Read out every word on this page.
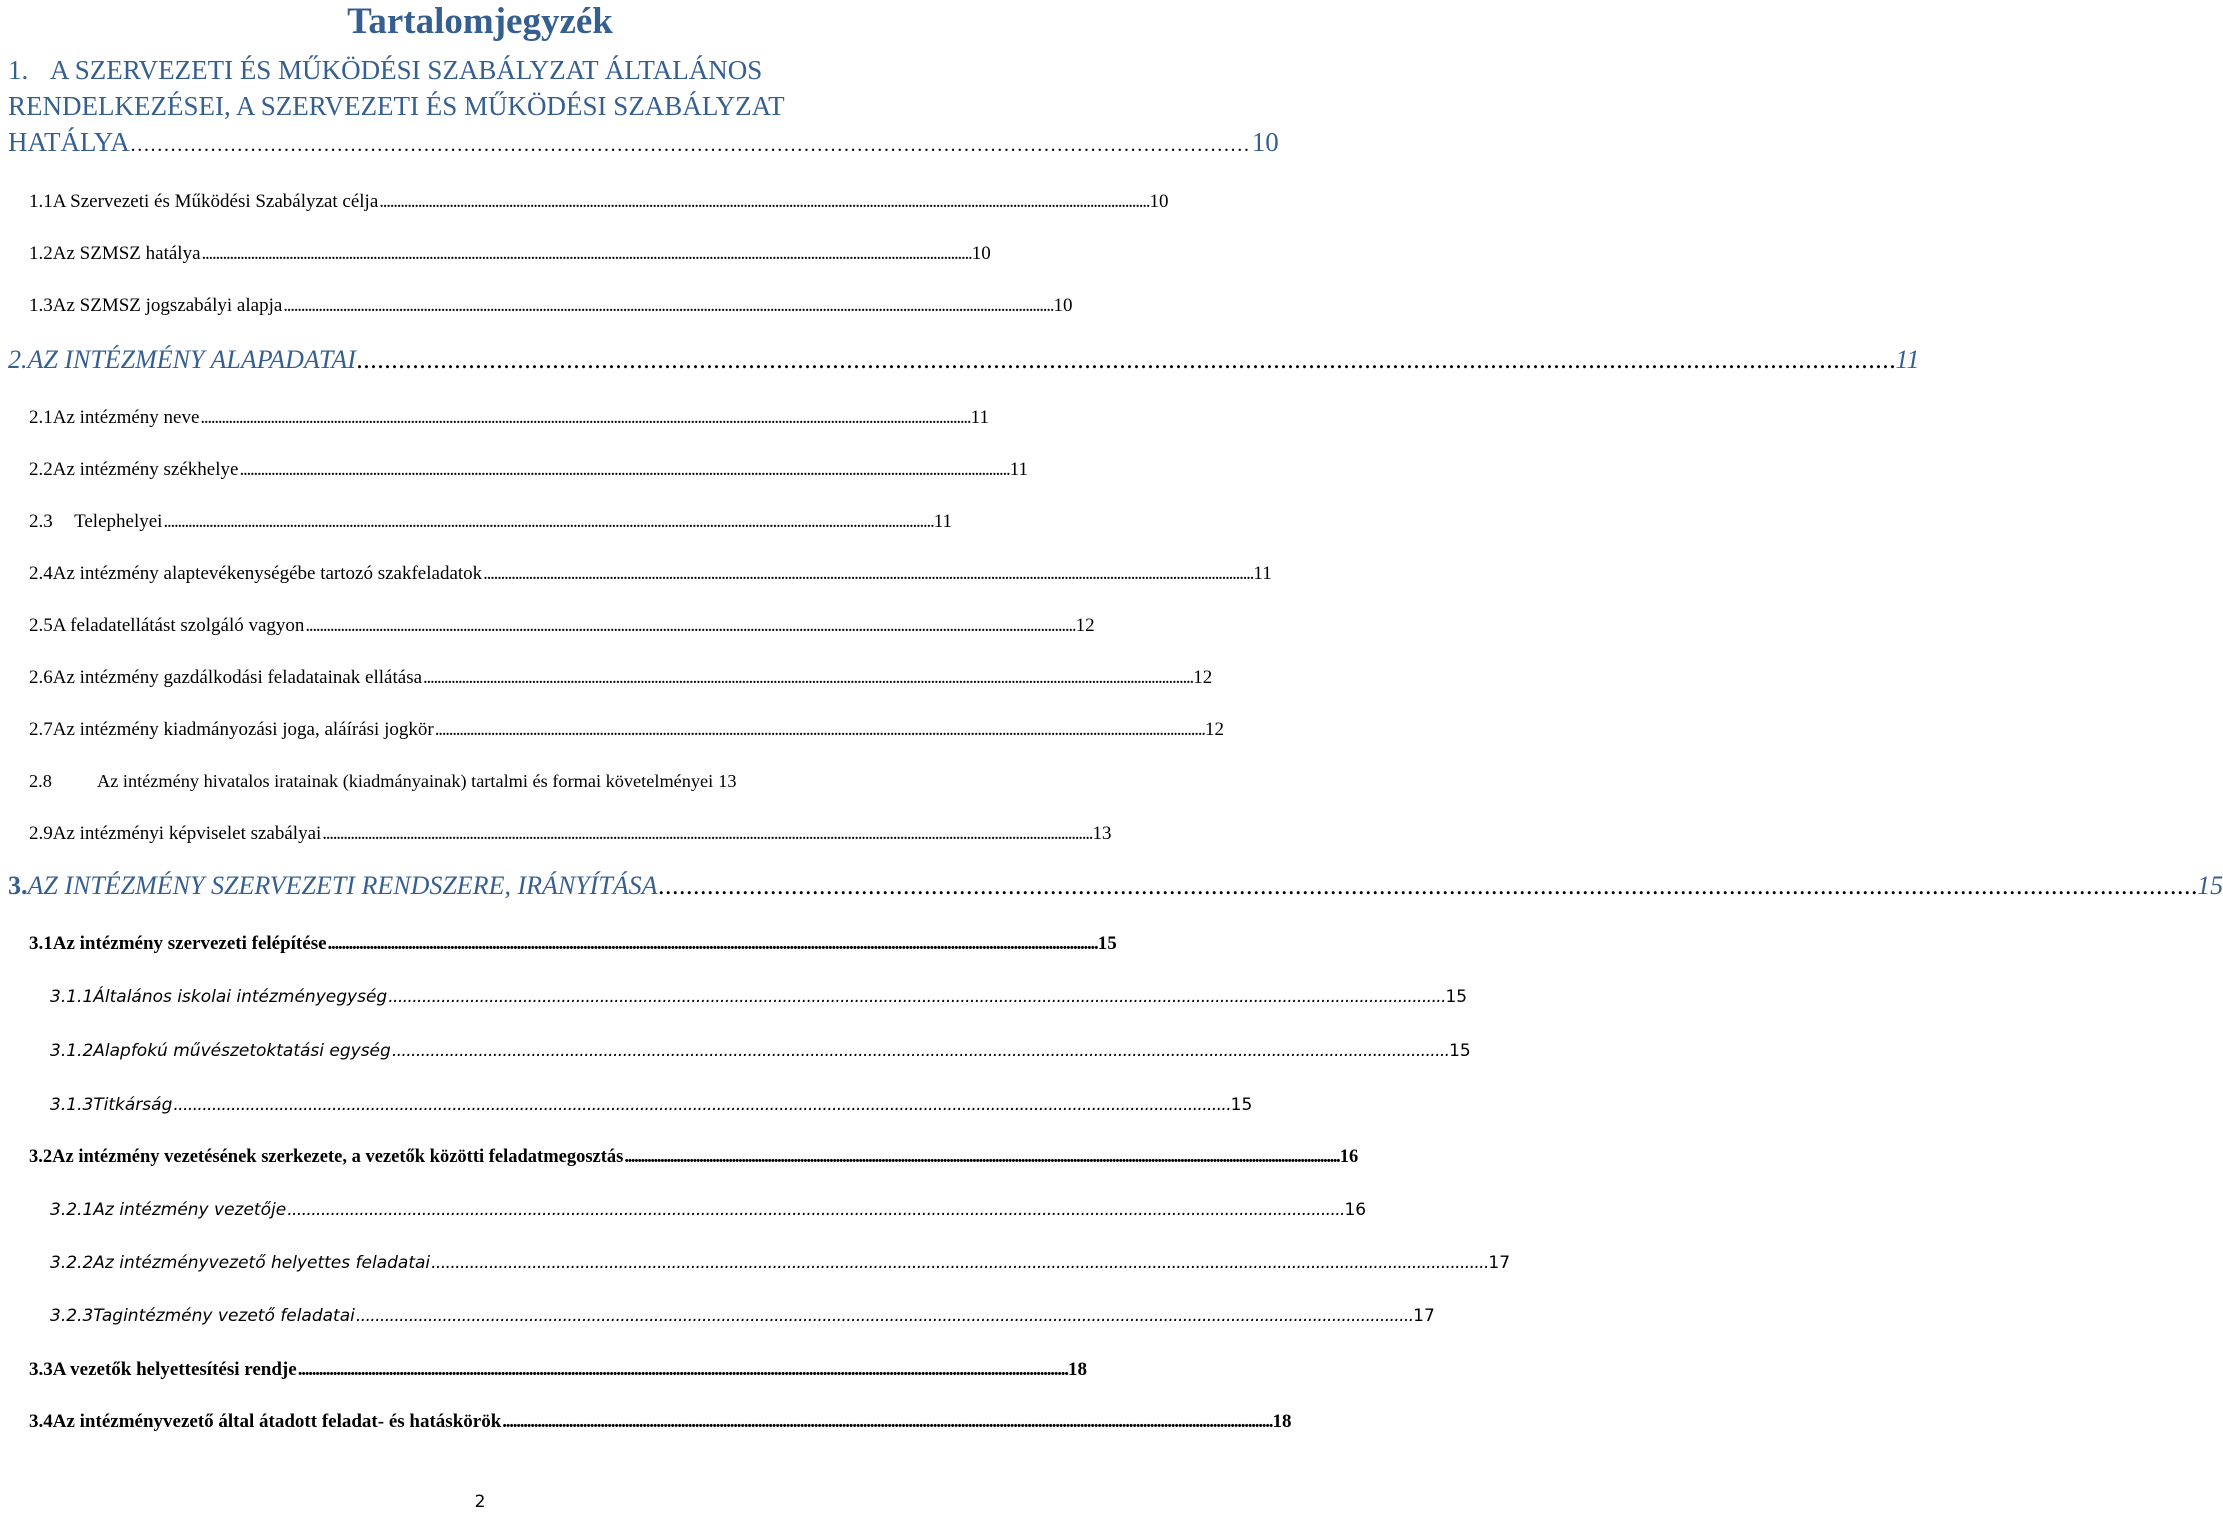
Tartalomjegyzék
1. A SZERVEZETI ÉS MŰKÖDÉSI SZABÁLYZAT ÁLTALÁNOS
RENDELKEZÉSEI, A SZERVEZETI ÉS MŰKÖDÉSI SZABÁLYZAT
HATÁLYA …………………………………………………………………………………………………………………………………………………… 10
1.1 A Szervezeti és Működési Szabályzat célja . . .	10
1.2 Az SZMSZ hatálya . . .	10
1.3 Az SZMSZ jogszabályi alapja . . .	10
2. AZ INTÉZMÉNY ALAPADATAI . . .	11
2.1 Az intézmény neve . . .	11
2.2 Az intézmény székhelye . . .	11
2.3	Telephelyei . . .	11
2.4 Az intézmény alaptevékenységébe tartozó szakfeladatok . . .	11
2.5 A feladatellátást szolgáló vagyon . . .	12
2.6 Az intézmény gazdálkodási feladatainak ellátása . . .	12
2.7 Az intézmény kiadmányozási joga, aláírási jogkör . . .	12
2.8	Az intézmény hivatalos iratainak (kiadmányainak) tartalmi és formai követelményei 13
2.9 Az intézményi képviselet szabályai . . .	13
3. AZ INTÉZMÉNY SZERVEZETI RENDSZERE, IRÁNYÍTÁSA . . .	15
3.1 Az intézmény szervezeti felépítése . . .	15
3.1.1 Általános iskolai intézményegység . . .	15
3.1.2 Alapfokú művészetoktatási egység . . .	15
3.1.3 Titkárság . . .	15
3.2 Az intézmény vezetésének szerkezete, a vezetők közötti feladatmegosztás . . .	16
3.2.1 Az intézmény vezetője . . .	16
3.2.2 Az intézményvezető helyettes feladatai . . .	17
3.2.3 Tagintézmény vezető feladatai . . .	17
3.3 A vezetők helyettesítési rendje . . .	18
3.4 Az intézményvezető által átadott feladat- és hatáskörök . . .	18
2
